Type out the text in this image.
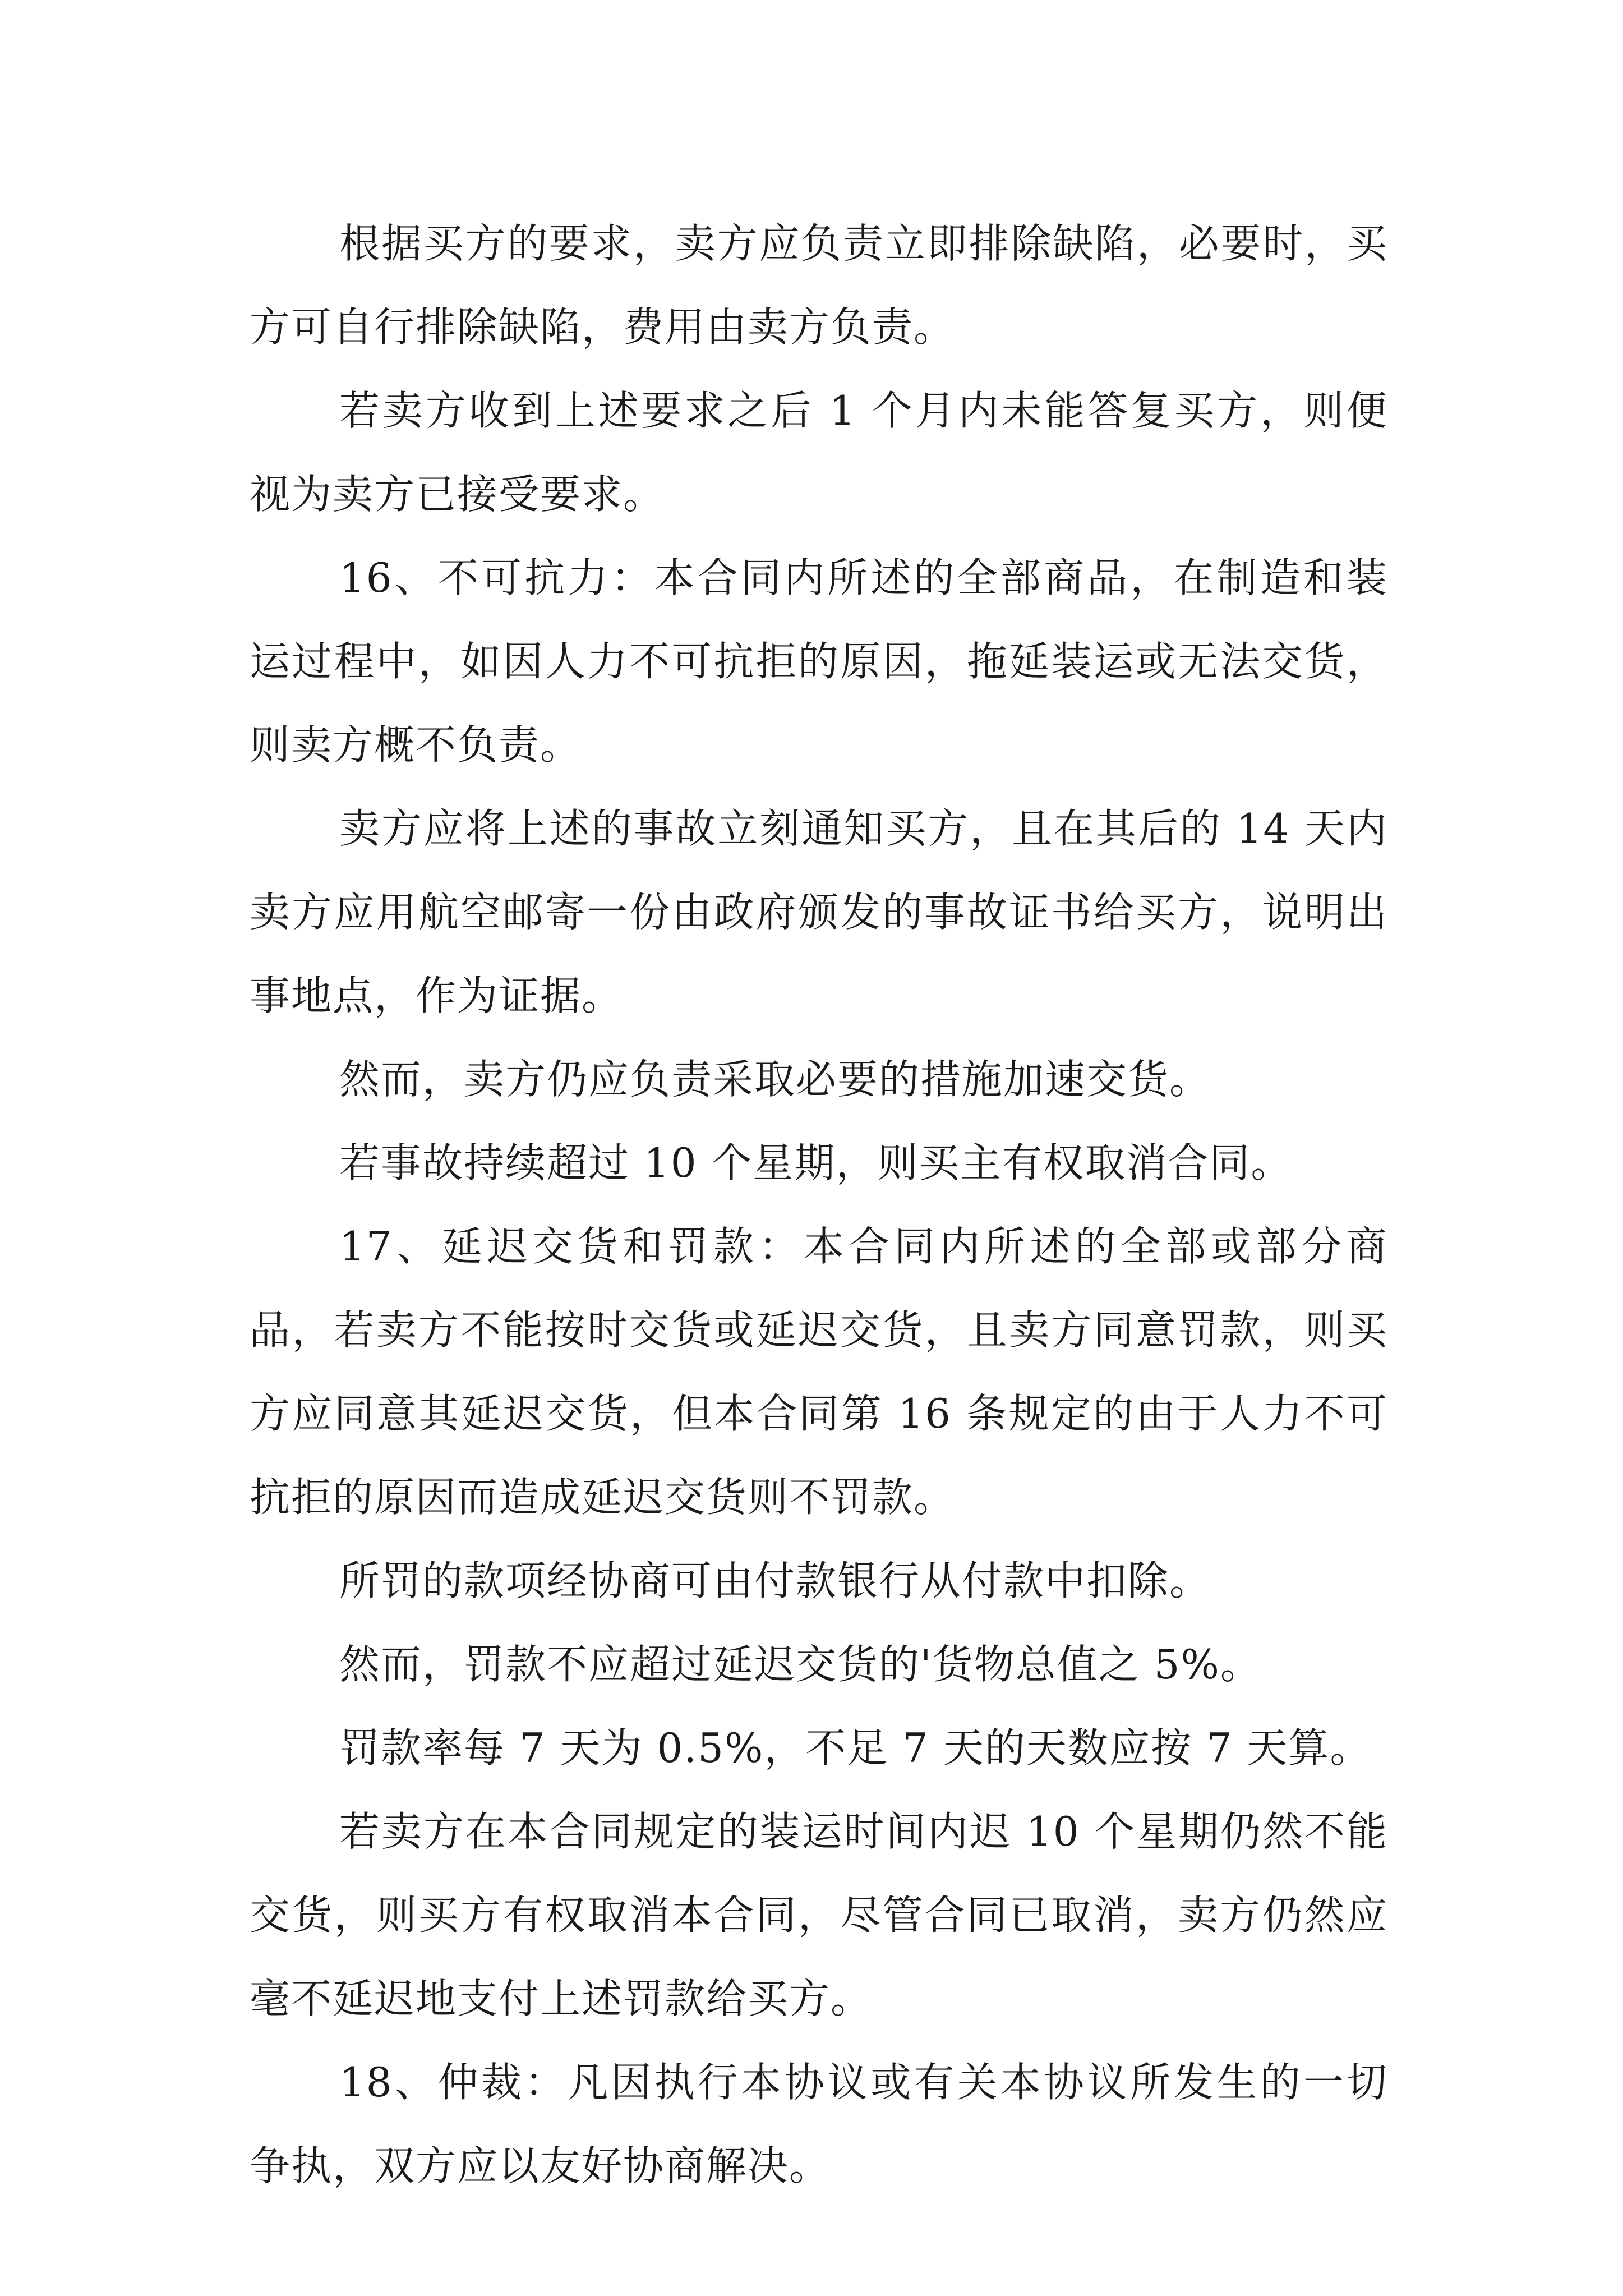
根据买方的要求，卖方应负责立即排除缺陷，必要时，买方可自行排除缺陷，费用由卖方负责。

若卖方收到上述要求之后 1 个月内未能答复买方，则便视为卖方已接受要求。

16、不可抗力：本合同内所述的全部商品，在制造和装运过程中，如因人力不可抗拒的原因，拖延装运或无法交货，则卖方概不负责。

卖方应将上述的事故立刻通知买方，且在其后的 14 天内卖方应用航空邮寄一份由政府颁发的事故证书给买方，说明出事地点，作为证据。

然而，卖方仍应负责采取必要的措施加速交货。

若事故持续超过 10 个星期，则买主有权取消合同。

17、延迟交货和罚款：本合同内所述的全部或部分商品，若卖方不能按时交货或延迟交货，且卖方同意罚款，则买方应同意其延迟交货，但本合同第 16 条规定的由于人力不可抗拒的原因而造成延迟交货则不罚款。

所罚的款项经协商可由付款银行从付款中扣除。

然而，罚款不应超过延迟交货的'货物总值之 5%。

罚款率每 7 天为 0.5%，不足 7 天的天数应按 7 天算。

若卖方在本合同规定的装运时间内迟 10 个星期仍然不能交货，则买方有权取消本合同，尽管合同已取消，卖方仍然应毫不延迟地支付上述罚款给买方。

18、仲裁：凡因执行本协议或有关本协议所发生的一切争执，双方应以友好协商解决。
